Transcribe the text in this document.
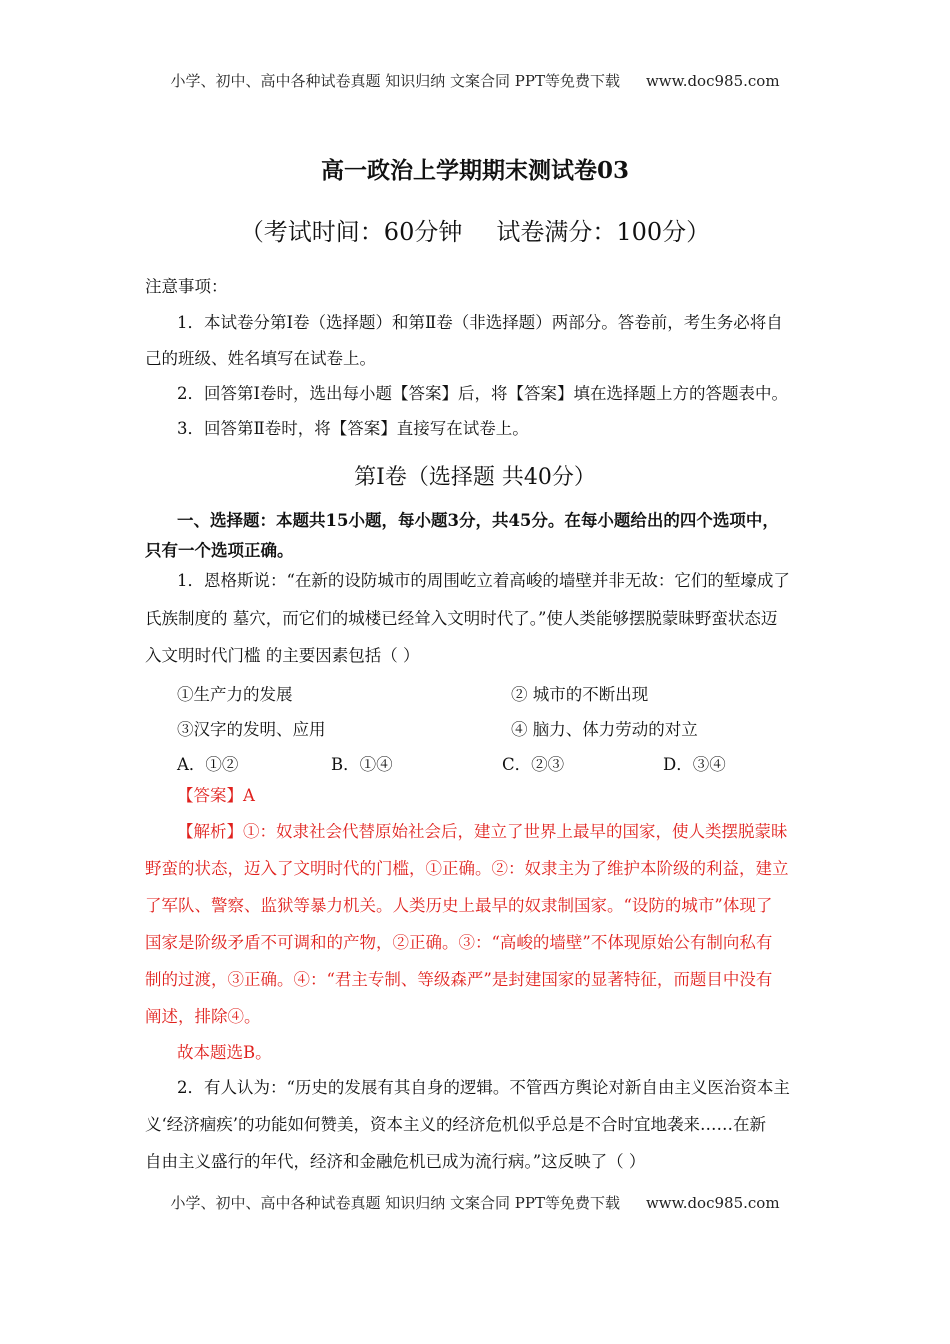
小学、初中、高中各种试卷真题 知识归纳 文案合同 PPT等免费下载 www.doc985.com
高一政治上学期期末测试卷03
（考试时间：60分钟 试卷满分：100分）
注意事项：
1．本试卷分第Ⅰ卷（选择题）和第Ⅱ卷（非选择题）两部分。答卷前，考生务必将自
己的班级、姓名填写在试卷上。
2．回答第Ⅰ卷时，选出每小题【答案】后，将【答案】填在选择题上方的答题表中。
3．回答第Ⅱ卷时，将【答案】直接写在试卷上。
第Ⅰ卷（选择题 共40分）
一、选择题：本题共15小题，每小题3分，共45分。在每小题给出的四个选项中，
只有一个选项正确。
1．恩格斯说：“在新的设防城市的周围屹立着高峻的墙壁并非无故：它们的堑壕成了
氏族制度的 墓穴，而它们的城楼已经耸入文明时代了。”使人类能够摆脱蒙昧野蛮状态迈
入文明时代门槛 的主要因素包括（ ）
①生产力的发展	② 城市的不断出现
③汉字的发明、应用	④ 脑力、体力劳动的对立
A．①②	B．①④	C．②③	D．③④
【答案】A
【解析】①：奴隶社会代替原始社会后，建立了世界上最早的国家，使人类摆脱蒙昧
野蛮的状态，迈入了文明时代的门槛，①正确。②：奴隶主为了维护本阶级的利益，建立
了军队、警察、监狱等暴力机关。人类历史上最早的奴隶制国家。“设防的城市”体现了
国家是阶级矛盾不可调和的产物，②正确。③：“高峻的墙壁”不体现原始公有制向私有
制的过渡，③正确。④：“君主专制、等级森严”是封建国家的显著特征，而题目中没有
阐述，排除④。
故本题选B。
2．有人认为：“历史的发展有其自身的逻辑。不管西方舆论对新自由主义医治资本主
义‘经济痼疾’的功能如何赞美，资本主义的经济危机似乎总是不合时宜地袭来……在新
自由主义盛行的年代，经济和金融危机已成为流行病。”这反映了（ ）
小学、初中、高中各种试卷真题 知识归纳 文案合同 PPT等免费下载 www.doc985.com
